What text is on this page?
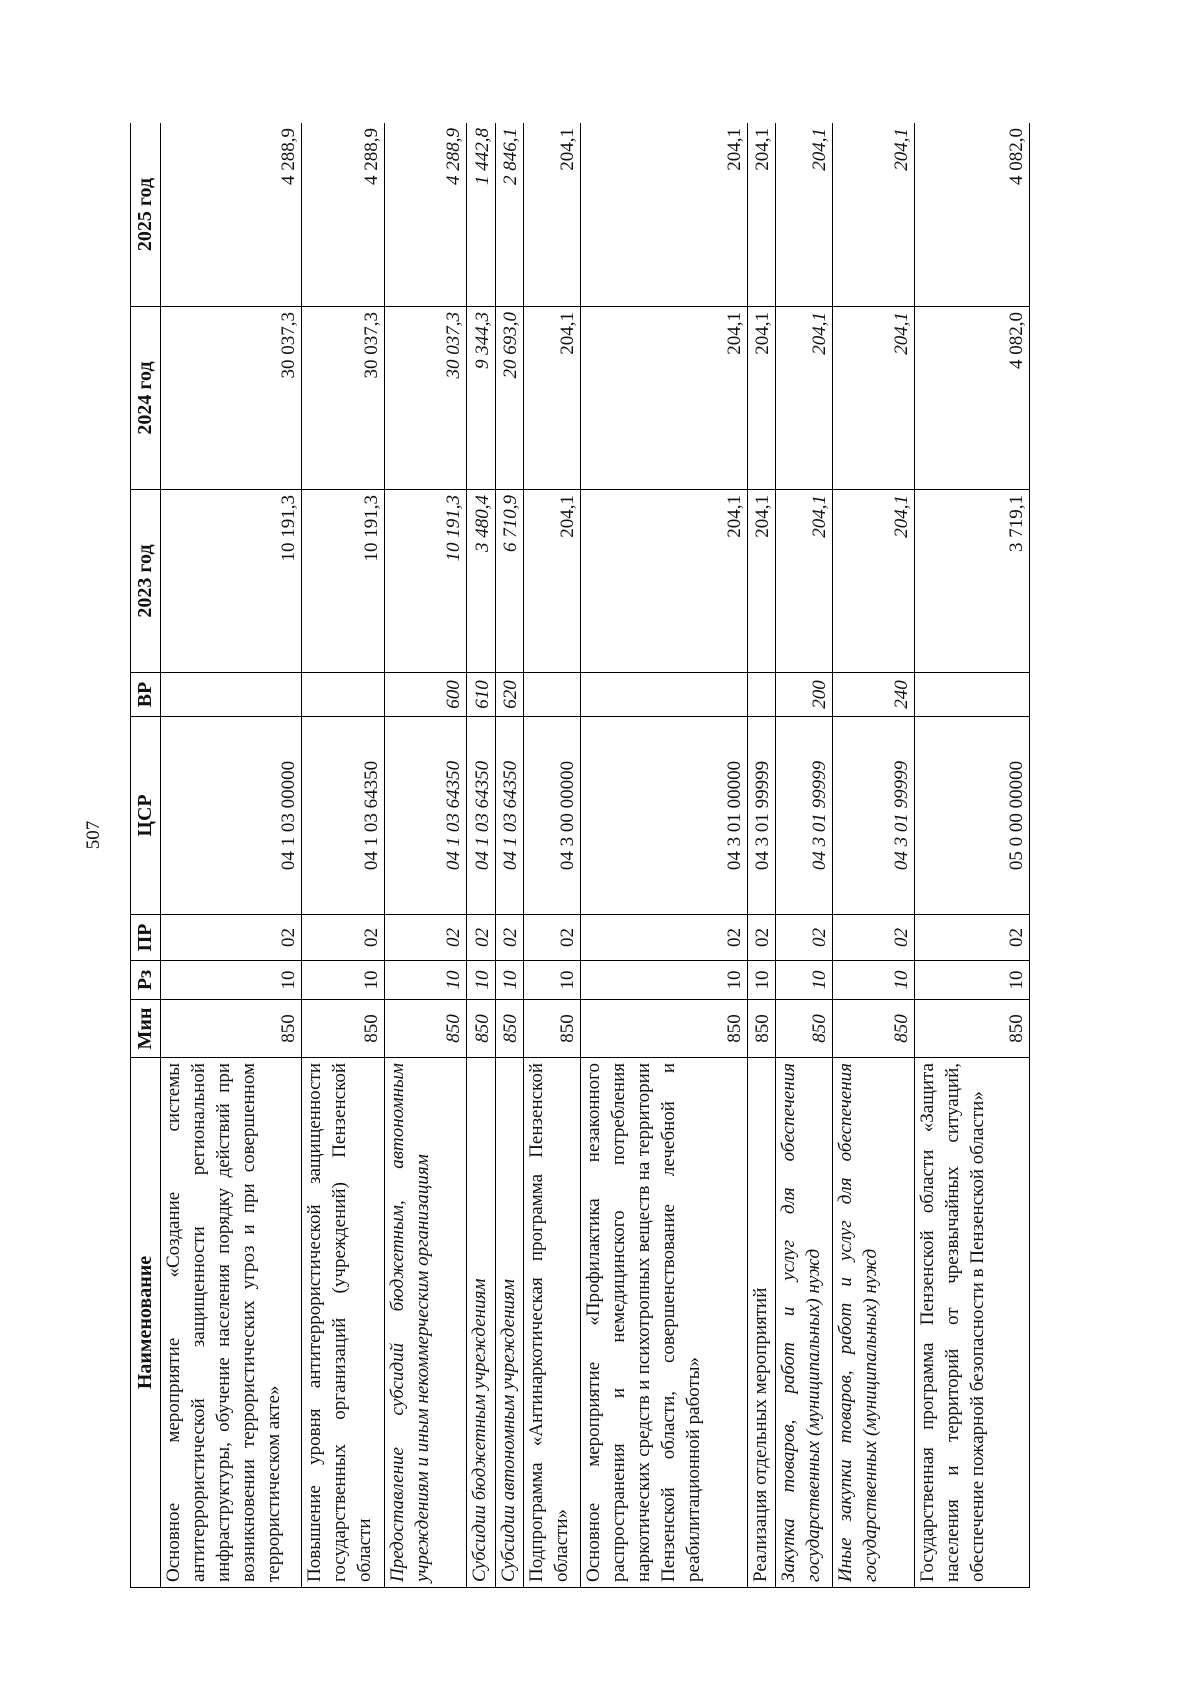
507
Наименование	Мин	Рз	ПР	ЦСР	ВР	2023 год	2024 год	2025 год
Основное мероприятие «Создание системы антитеррористической защищенности региональной инфраструктуры, обучение населения порядку действий при возникновении террористических угроз и при совершенном террористическом акте»	850	10	02	04 1 03 00000		10 191,3	30 037,3	4 288,9
Повышение уровня антитеррористической защищенности государственных организаций (учреждений) Пензенской области	850	10	02	04 1 03 64350		10 191,3	30 037,3	4 288,9
Предоставление субсидий бюджетным, автономным учреждениям и иным некоммерческим организациям	850	10	02	04 1 03 64350	600	10 191,3	30 037,3	4 288,9
Субсидии бюджетным учреждениям	850	10	02	04 1 03 64350	610	3 480,4	9 344,3	1 442,8
Субсидии автономным учреждениям	850	10	02	04 1 03 64350	620	6 710,9	20 693,0	2 846,1
Подпрограмма «Антинаркотическая программа Пензенской области»	850	10	02	04 3 00 00000		204,1	204,1	204,1
Основное мероприятие «Профилактика незаконного распространения и немедицинского потребления наркотических средств и психотропных веществ на территории Пензенской области, совершенствование лечебной и реабилитационной работы»	850	10	02	04 3 01 00000		204,1	204,1	204,1
Реализация отдельных мероприятий	850	10	02	04 3 01 99999		204,1	204,1	204,1
Закупка товаров, работ и услуг для обеспечения государственных (муниципальных) нужд	850	10	02	04 3 01 99999	200	204,1	204,1	204,1
Иные закупки товаров, работ и услуг для обеспечения государственных (муниципальных) нужд	850	10	02	04 3 01 99999	240	204,1	204,1	204,1
Государственная программа Пензенской области «Защита населения и территорий от чрезвычайных ситуаций, обеспечение пожарной безопасности в Пензенской области»	850	10	02	05 0 00 00000		3 719,1	4 082,0	4 082,0
